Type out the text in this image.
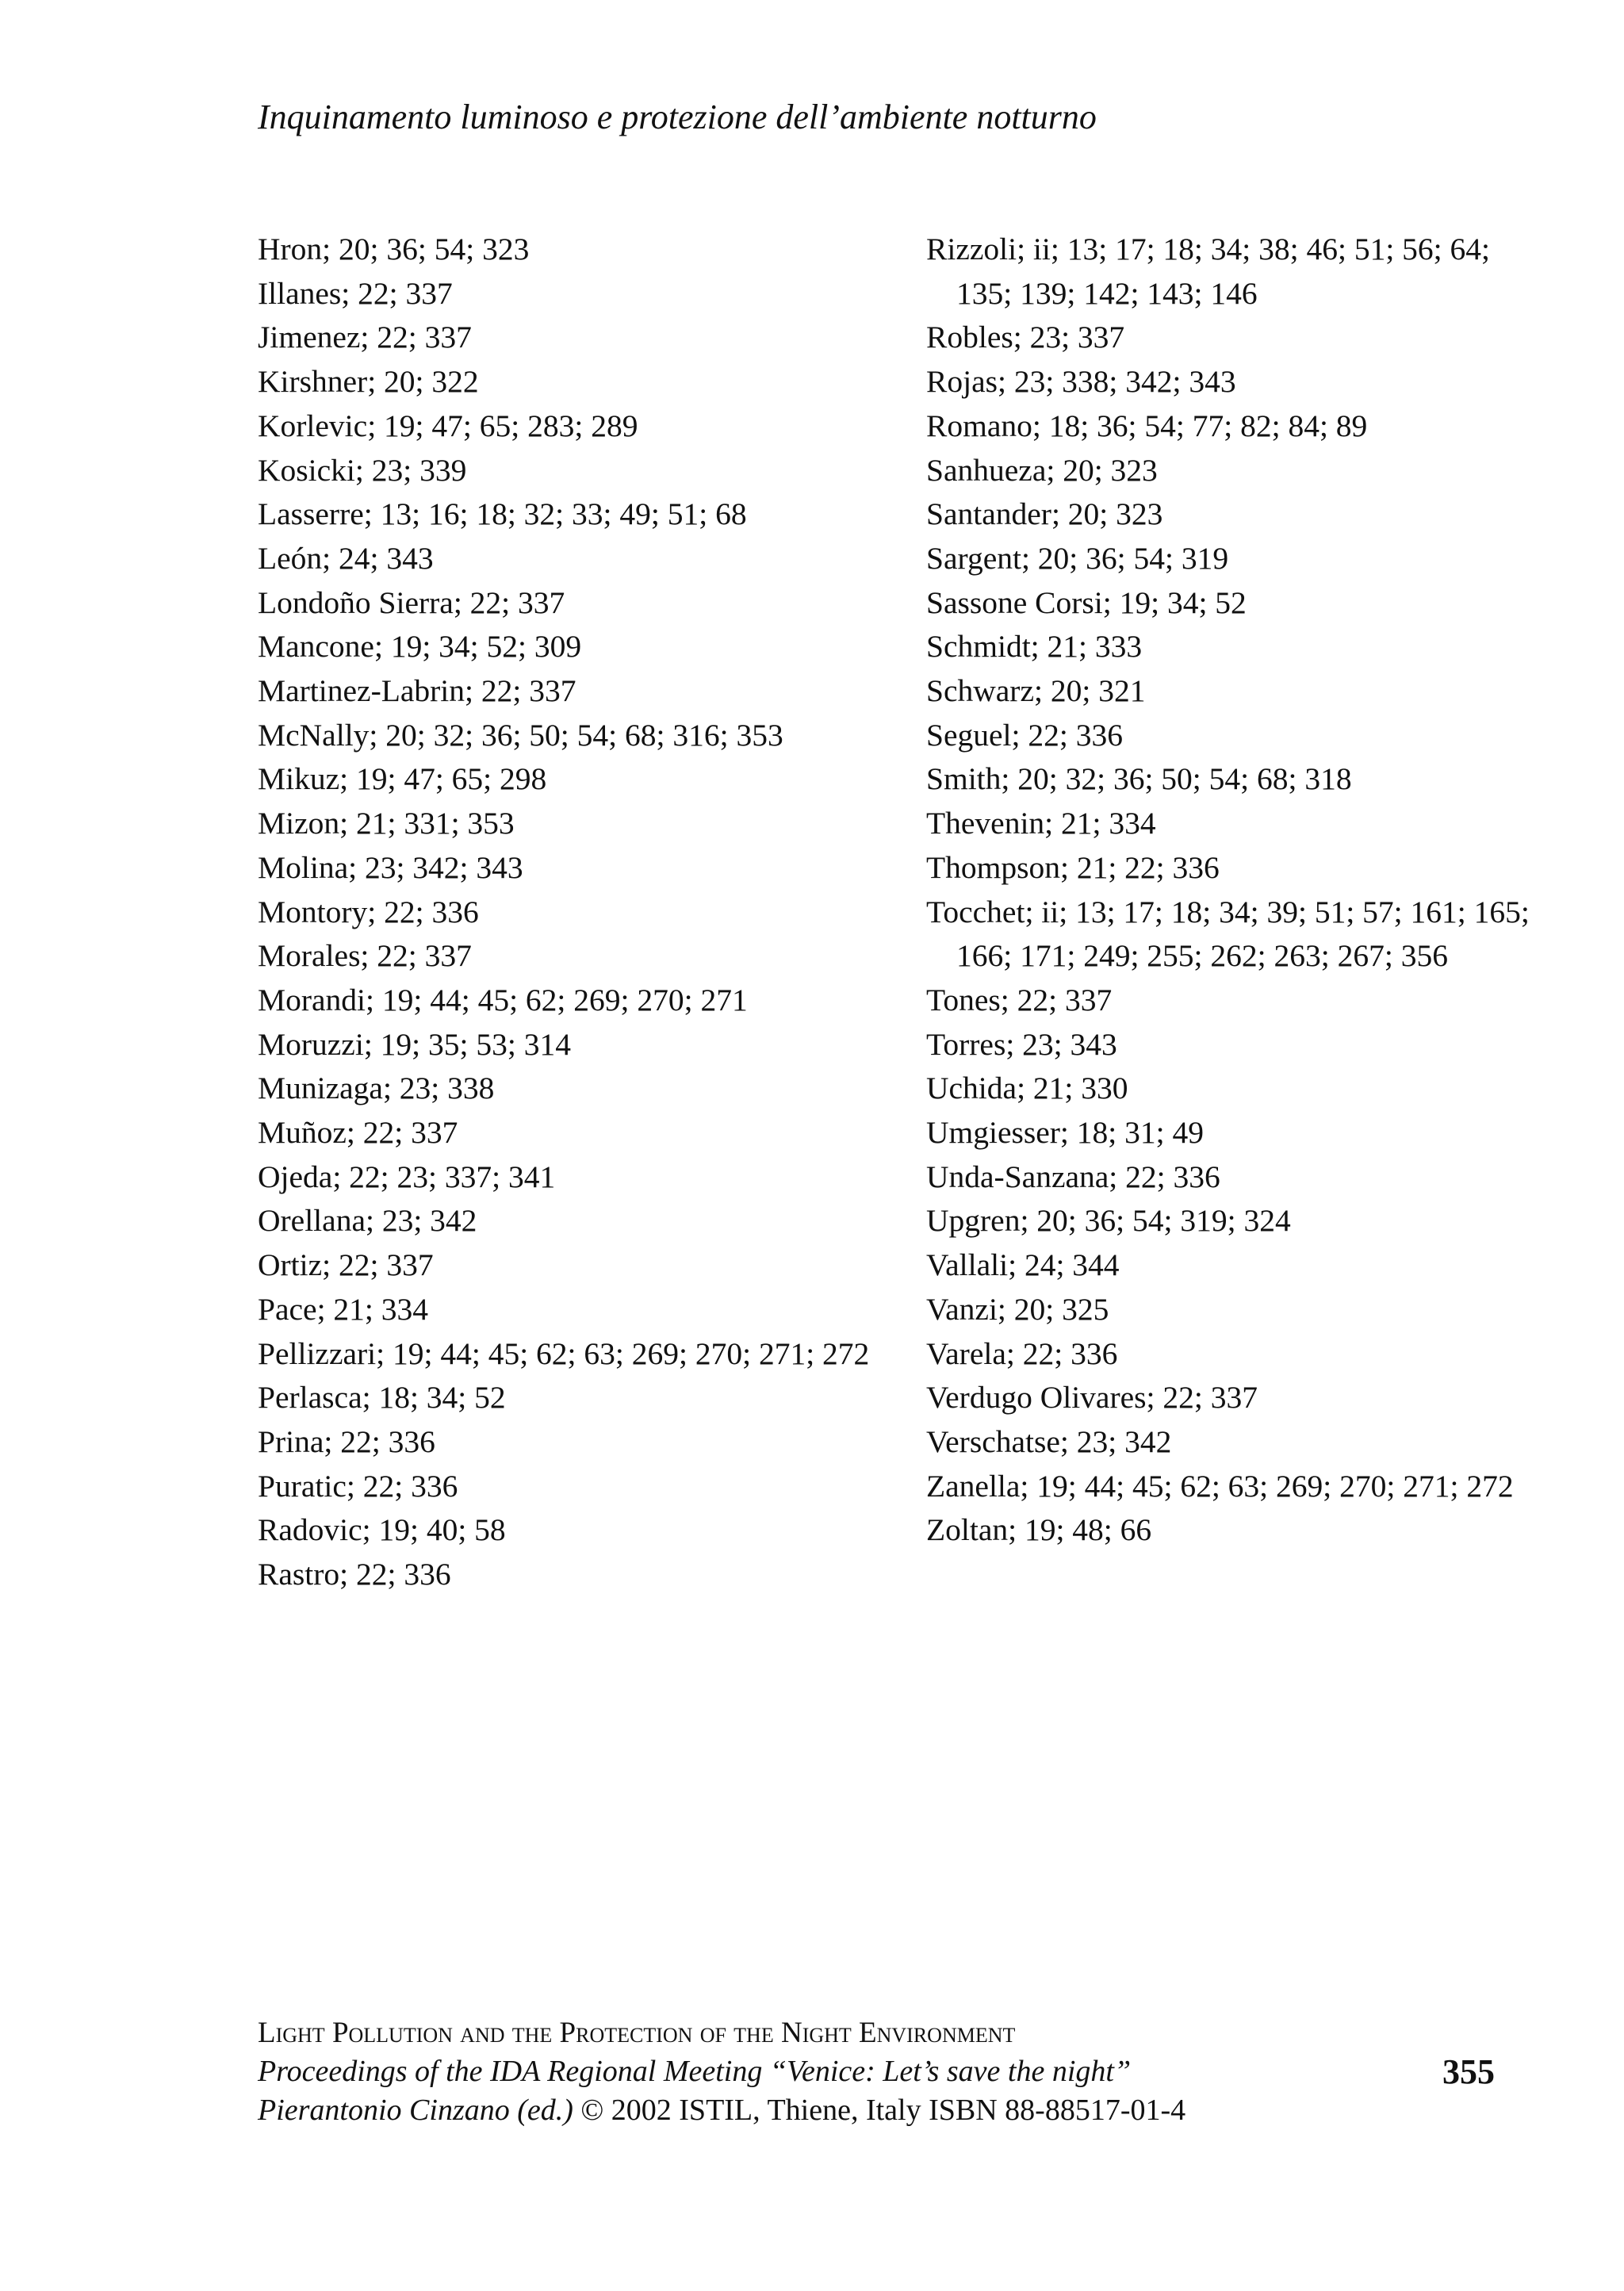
Inquinamento luminoso e protezione dell’ambiente notturno
Hron; 20; 36; 54; 323
Illanes; 22; 337
Jimenez; 22; 337
Kirshner; 20; 322
Korlevic; 19; 47; 65; 283; 289
Kosicki; 23; 339
Lasserre; 13; 16; 18; 32; 33; 49; 51; 68
León; 24; 343
Londoño Sierra; 22; 337
Mancone; 19; 34; 52; 309
Martinez-Labrin; 22; 337
McNally; 20; 32; 36; 50; 54; 68; 316; 353
Mikuz; 19; 47; 65; 298
Mizon; 21; 331; 353
Molina; 23; 342; 343
Montory; 22; 336
Morales; 22; 337
Morandi; 19; 44; 45; 62; 269; 270; 271
Moruzzi; 19; 35; 53; 314
Munizaga; 23; 338
Muñoz; 22; 337
Ojeda; 22; 23; 337; 341
Orellana; 23; 342
Ortiz; 22; 337
Pace; 21; 334
Pellizzari; 19; 44; 45; 62; 63; 269; 270; 271; 272
Perlasca; 18; 34; 52
Prina; 22; 336
Puratic; 22; 336
Radovic; 19; 40; 58
Rastro; 22; 336
Rizzoli; ii; 13; 17; 18; 34; 38; 46; 51; 56; 64; 135; 139; 142; 143; 146
Robles; 23; 337
Rojas; 23; 338; 342; 343
Romano; 18; 36; 54; 77; 82; 84; 89
Sanhueza; 20; 323
Santander; 20; 323
Sargent; 20; 36; 54; 319
Sassone Corsi; 19; 34; 52
Schmidt; 21; 333
Schwarz; 20; 321
Seguel; 22; 336
Smith; 20; 32; 36; 50; 54; 68; 318
Thevenin; 21; 334
Thompson; 21; 22; 336
Tocchet; ii; 13; 17; 18; 34; 39; 51; 57; 161; 165; 166; 171; 249; 255; 262; 263; 267; 356
Tones; 22; 337
Torres; 23; 343
Uchida; 21; 330
Umgiesser; 18; 31; 49
Unda-Sanzana; 22; 336
Upgren; 20; 36; 54; 319; 324
Vallali; 24; 344
Vanzi; 20; 325
Varela; 22; 336
Verdugo Olivares; 22; 337
Verschatse; 23; 342
Zanella; 19; 44; 45; 62; 63; 269; 270; 271; 272
Zoltan; 19; 48; 66
Light Pollution and the Protection of the Night Environment
Proceedings of the IDA Regional Meeting “Venice: Let’s save the night”
Pierantonio Cinzano (ed.) © 2002 ISTIL, Thiene, Italy ISBN 88-88517-01-4
355
